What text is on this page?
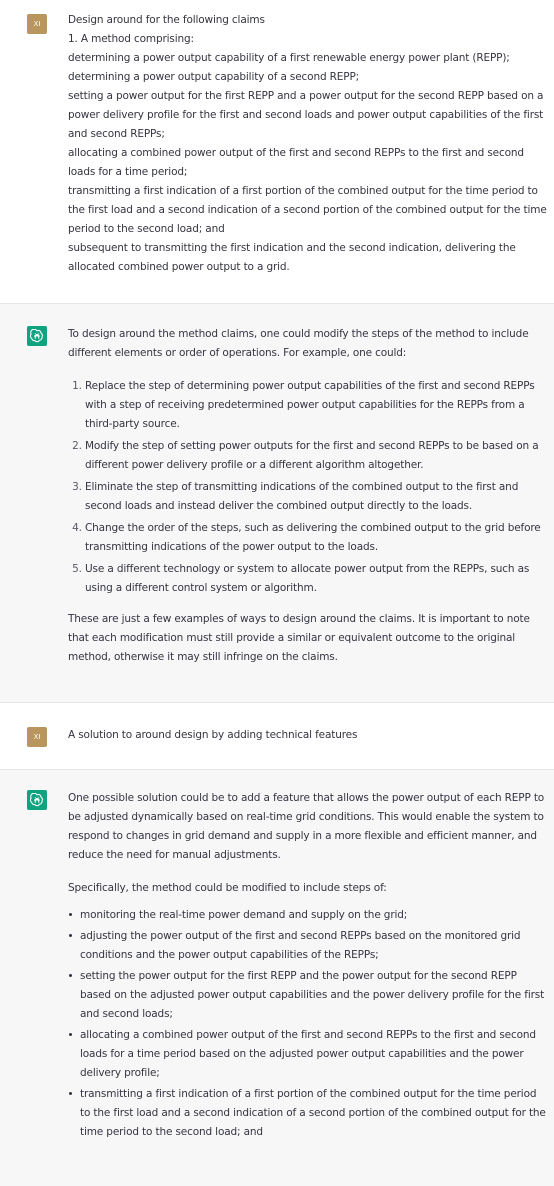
XI	Design around for the following claims
1. A method comprising:
determining a power output capability of a first renewable energy power plant (REPP);
determining a power output capability of a second REPP;
setting a power output for the first REPP and a power output for the second REPP based on a power delivery profile for the first and second loads and power output capabilities of the first and second REPPs;
allocating a combined power output of the first and second REPPs to the first and second loads for a time period;
transmitting a first indication of a first portion of the combined output for the time period to the first load and a second indication of a second portion of the combined output for the time period to the second load; and
subsequent to transmitting the first indication and the second indication, delivering the allocated combined power output to a grid.

To design around the method claims, one could modify the steps of the method to include different elements or order of operations. For example, one could:

1. Replace the step of determining power output capabilities of the first and second REPPs with a step of receiving predetermined power output capabilities for the REPPs from a third-party source.
2. Modify the step of setting power outputs for the first and second REPPs to be based on a different power delivery profile or a different algorithm altogether.
3. Eliminate the step of transmitting indications of the combined output to the first and second loads and instead deliver the combined output directly to the loads.
4. Change the order of the steps, such as delivering the combined output to the grid before transmitting indications of the power output to the loads.
5. Use a different technology or system to allocate power output from the REPPs, such as using a different control system or algorithm.

These are just a few examples of ways to design around the claims. It is important to note that each modification must still provide a similar or equivalent outcome to the original method, otherwise it may still infringe on the claims.

XI	A solution to around design by adding technical features

One possible solution could be to add a feature that allows the power output of each REPP to be adjusted dynamically based on real-time grid conditions. This would enable the system to respond to changes in grid demand and supply in a more flexible and efficient manner, and reduce the need for manual adjustments.

Specifically, the method could be modified to include steps of:

monitoring the real-time power demand and supply on the grid;
adjusting the power output of the first and second REPPs based on the monitored grid conditions and the power output capabilities of the REPPs;
setting the power output for the first REPP and the power output for the second REPP based on the adjusted power output capabilities and the power delivery profile for the first and second loads;
allocating a combined power output of the first and second REPPs to the first and second loads for a time period based on the adjusted power output capabilities and the power delivery profile;
transmitting a first indication of a first portion of the combined output for the time period to the first load and a second indication of a second portion of the combined output for the time period to the second load; and
